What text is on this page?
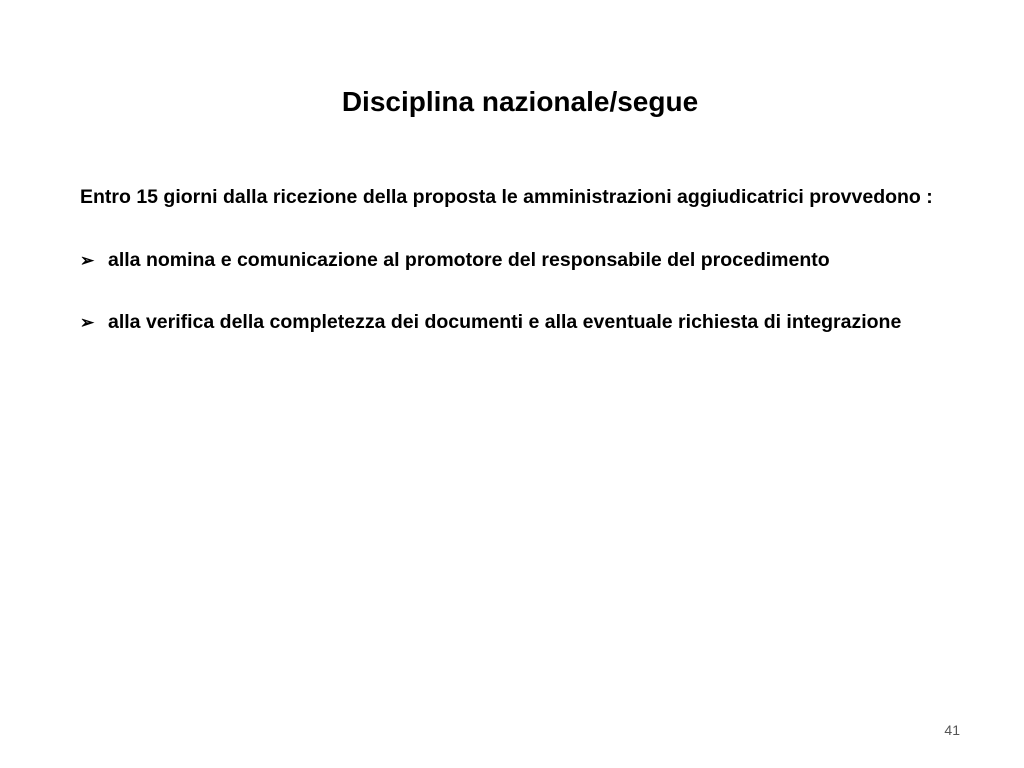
Disciplina nazionale/segue

Entro 15 giorni dalla ricezione della proposta le amministrazioni aggiudicatrici provvedono :

➢ alla nomina e comunicazione al promotore del responsabile del procedimento
➢ alla verifica della completezza dei documenti e alla eventuale richiesta di integrazione
41
